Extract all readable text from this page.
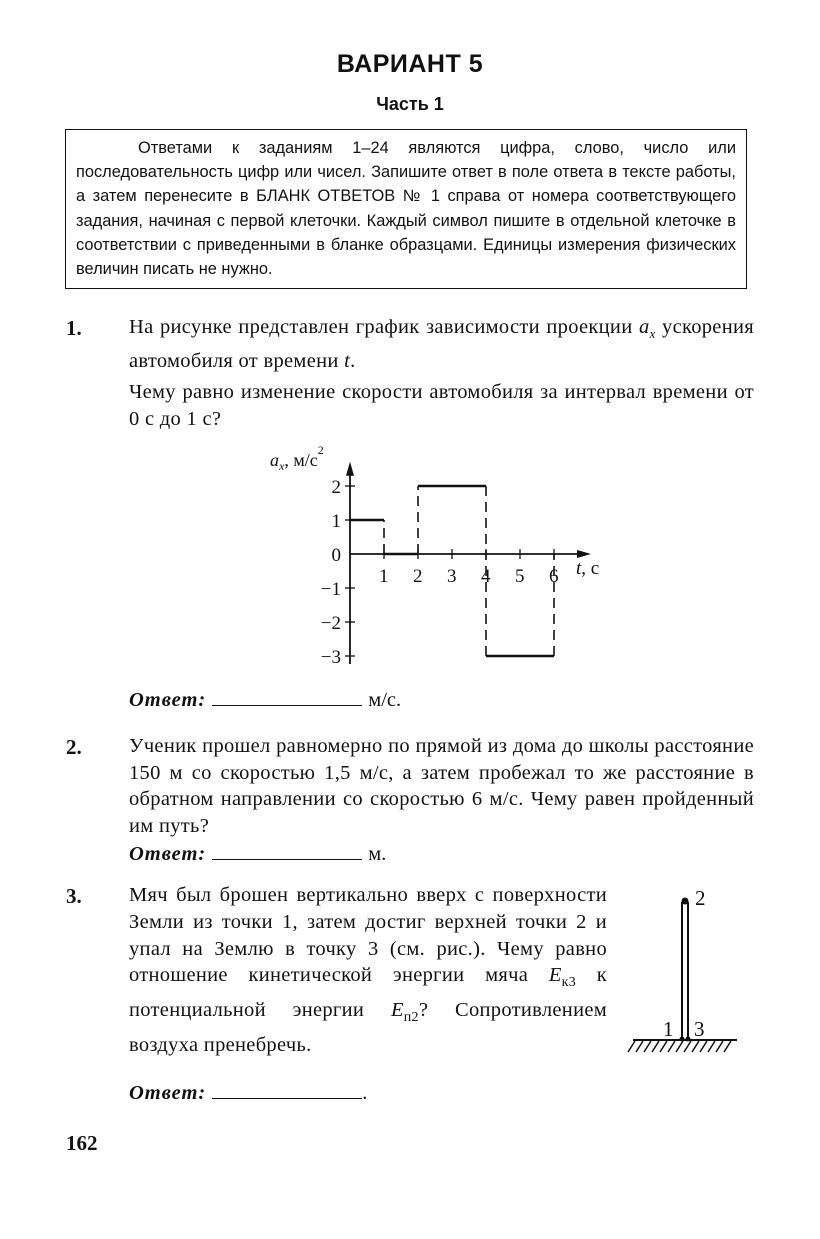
ВАРИАНТ 5
Часть 1
Ответами к заданиям 1–24 являются цифра, слово, число или последовательность цифр или чисел. Запишите ответ в поле ответа в тексте работы, а затем перенесите в БЛАНК ОТВЕТОВ № 1 справа от номера соответствующего задания, начиная с первой клеточки. Каждый символ пишите в отдельной клеточке в соответствии с приведенными в бланке образцами. Единицы измерения физических величин писать не нужно.
1. На рисунке представлен график зависимости проекции $a_x$ ускорения автомобиля от времени t.
Чему равно изменение скорости автомобиля за интервал времени от 0 с до 1 с?
1 2 3 4 5 6
2
1
0
−1
−2
−3
$a_x$, $м/с^2$
t, с
Ответ:	м/с.
2. Ученик прошел равномерно по прямой из дома до школы расстояние 150 м со скоростью 1,5 м/с, а затем пробежал то же расстояние в обратном направлении со скоростью 6 м/с. Чему равен пройденный им путь?
Ответ:	м.
3. Мяч был брошен вертикально вверх с поверхности Земли из точки 1, затем достиг верхней точки 2 и упал на Землю в точку 3 (см. рис.). Чему равно отношение кинетической энергии мяча $E_{к3}$ к потенциальной энергии $E_{п2}$? Сопротивлением воздуха пренебречь.
2
1 3
Ответ:	.
162
